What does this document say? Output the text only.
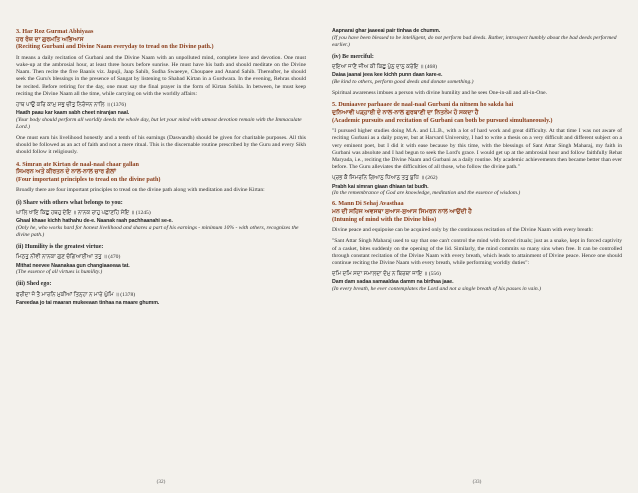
3. Har Roz Gurmat Abhiyaas
ਹਰ ਰੋਜ਼ ਦਾ ਗੁਰਮਤਿ ਅਭਿਆਸ
(Reciting Gurbani and Divine Naam everyday to tread on the Divine path.)

It means a daily recitation of Gurbani and the Divine Naam with an unpolluted mind, complete love and devotion. One must wake-up at the ambrosial hour, at least three hours before sunrise. He must have his bath and should meditate on the Divine Naam. Then recite the five Baanis viz. Japuji, Jaap Sahib, Sudha Swaeeye, Choupaee and Anand Sahib. Thereafter, he should seek the Guru's blessings in the presence of Sangat by listening to Shabad Kirtan in a Gurdwara. In the evening, Rehras should be recited. Before retiring for the day, one must say the final prayer in the form of Kirtan Sohila. In between, he must keep reciting the Divine Naam all the time, while carrying on with the worldly affairs:

ਹਾਥ ਪਾਉ ਕਰਿ ਕਾਮੁ ਸਭੁ ਚੀਤੁ ਨਿਰੰਜਨ ਨਾਲਿ ॥ (1376)
Haath paau kar kaam sabh cheet niranjan naal.
(Your body should perform all worldly deeds the whole day, but let your mind with utmost devotion remain with the Immaculate Lord.)

One must earn his livelihood honestly and a tenth of his earnings (Daswandh) should be given for charitable purposes. All this should be followed as an act of faith and not a mere ritual. This is the discernable routine prescribed by the Guru and every Sikh should follow it religiously.

4. Simran ate Kirtan de naal-naal chaar gallan
ਸਿਮਰਨ ਅਤੇ ਕੀਰਤਨ ਦੇ ਨਾਲ-ਨਾਲ ਚਾਰ ਗੱਲਾਂ
(Four important principles to tread on the divine path)

Broadly there are four important principles to tread on the divine path along with meditation and divine Kirtan:

(i) Share with others what belongs to you:
ਘਾਲਿ ਖਾਇ ਕਿਛੁ ਹਥਹੁ ਦੇਇ ॥ ਨਾਨਕ ਰਾਹੁ ਪਛਾਣਹਿ ਸੇਇ ॥ (1245)
Ghaal khaae kichh hathahu de-e. Naanak raah pachhaanahi se-e.
(Only he, who works hard for honest livelihood and shares a part of his earnings - minimum 10% - with others, recognizes the divine path.)
(ii) Humility is the greatest virtue:
ਮਿਠਤੁ ਨੀਵੀ ਨਾਨਕਾ ਗੁਣ ਚੰਗਿਆਈਆ ਤਤੁ ॥ (470)
Mithat neevee Naanakaa gun changiaaeeaa tat.
(The essence of all virtues is humility.)
(iii) Shed ego:
ਫਰੀਦਾ ਜੋ ਤੈ ਮਾਰਨਿ ਮੁਕੀਆਂ ਤਿਨ੍ਹਾ ਨ ਮਾਰੇ ਘੁੰਮਿ ॥ (1378)
Fareedaa jo tai maaran mukeeaan tinhaa na maare ghumm.
(32)
Aapnarai ghar jaaeeai pair tinhaa de chumm.
(If you have been blessed to be intelligent, do not perform bad deeds. Rather, introspect humbly about the bad deeds performed earlier.)
(iv) Be merciful:
ਦਇਆ ਜਾਣੈ ਜੀਅ ਕੀ ਕਿਛੁ ਪੁੰਨੁ ਦਾਨੁ ਕਰੇਇ ॥ (468)
Daiaa jaanai jeea kee kichh punn daan kare-e.
(Be kind to others, perform good deeds and donate something.)

Spiritual awareness imbues a person with divine humility and he sees One-in-all and all-in-One.

5. Duniaavee parhaaee de naal-naal Gurbani da nitnem ho sakda hai
ਦੁਨਿਆਵੀ ਪੜ੍ਹਾਈ ਦੇ ਨਾਲ-ਨਾਲ ਗੁਰਬਾਣੀ ਦਾ ਨਿਤਨੇਮ ਹੋ ਸਕਦਾ ਹੈ
(Academic pursuits and recitation of Gurbani can both be pursued simultaneously.)

"I pursued higher studies doing M.A. and LL.B., with a lot of hard work and great difficulty. At that time I was not aware of reciting Gurbani as a daily prayer, but at Harvard University, I had to write a thesis on a very difficult and different subject on a very eminent poet, but I did it with ease because by this time, with the blessings of Sant Attar Singh Maharaj, my faith in Gurbani was absolute and I had begun to seek the Lord's grace. I would get up at the ambrosial hour and follow faithfully Rehat Maryada, i.e., reciting the Divine Naam and Gurbani as a daily routine. My academic achievements then became better than ever before. The Guru alleviates the difficulties of all those, who follow the divine path."

ਪ੍ਰਭ ਕੈ ਸਿਮਰਨਿ ਗਿਆਨੁ ਧਿਆਨੁ ਤਤੁ ਬੁਧਿ ॥ (262)
Prabh kai simran giaan dhiaan tat budh.
(In the remembrance of God are knowledge, meditation and the essence of wisdom.)
6. Mann Di Sehaj Avasthaa
ਮਨ ਦੀ ਸਹਿਜ ਅਵਸਥਾ ਸੁਆਸ-ਸੁਆਸ ਸਿਮਰਨ ਨਾਲ ਆਉਂਦੀ ਹੈ
(Intuning of mind with the Divine bliss)

Divine peace and equipoise can be acquired only by the continuous recitation of the Divine Naam with every breath:

"Sant Attar Singh Maharaj used to say that one can't control the mind with forced rituals; just as a snake, kept in forced captivity of a casket, bites suddenly on the opening of the lid. Similarly, the mind commits so many sins when free. It can be controlled through constant recitation of the Divine Naam with every breath, which leads to attainment of Divine peace. Hence one should continue reciting the Divine Naam with every breath, while performing worldly duties":

ਦਮਿ ਦਮਿ ਸਦਾ ਸਮਾਲਦਾ ਦੰਮੁ ਨ ਬਿਰਥਾ ਜਾਇ ॥ (556)
Dam dam sadaa samaaldaa damm na birthaa jaae.
(In every breath, he ever contemplates the Lord and not a single breath of his passes in vain.)
(33)
